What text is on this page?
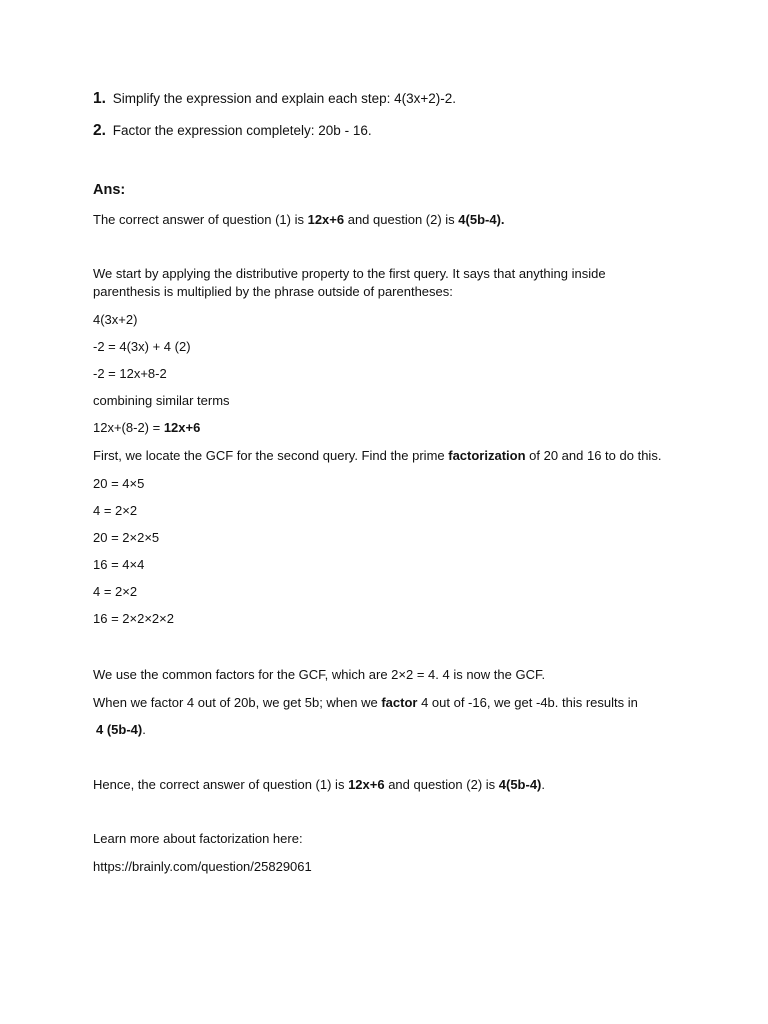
1. Simplify the expression and explain each step: 4(3x+2)-2.
2. Factor the expression completely: 20b - 16.
Ans:
The correct answer of question (1) is 12x+6 and question (2) is 4(5b-4).
We start by applying the distributive property to the first query. It says that anything inside
parenthesis is multiplied by the phrase outside of parentheses:
4(3x+2)
-2 = 4(3x) + 4 (2)
-2 = 12x+8-2
combining similar terms
12x+(8-2) = 12x+6
First, we locate the GCF for the second query. Find the prime factorization of 20 and 16 to do this.
20 = 4×5
4 = 2×2
20 = 2×2×5
16 = 4×4
4 = 2×2
16 = 2×2×2×2
We use the common factors for the GCF, which are 2×2 = 4. 4 is now the GCF.
When we factor 4 out of 20b, we get 5b; when we factor 4 out of -16, we get -4b. this results in
4 (5b-4).
Hence, the correct answer of question (1) is 12x+6 and question (2) is 4(5b-4).
Learn more about factorization here:
https://brainly.com/question/25829061
